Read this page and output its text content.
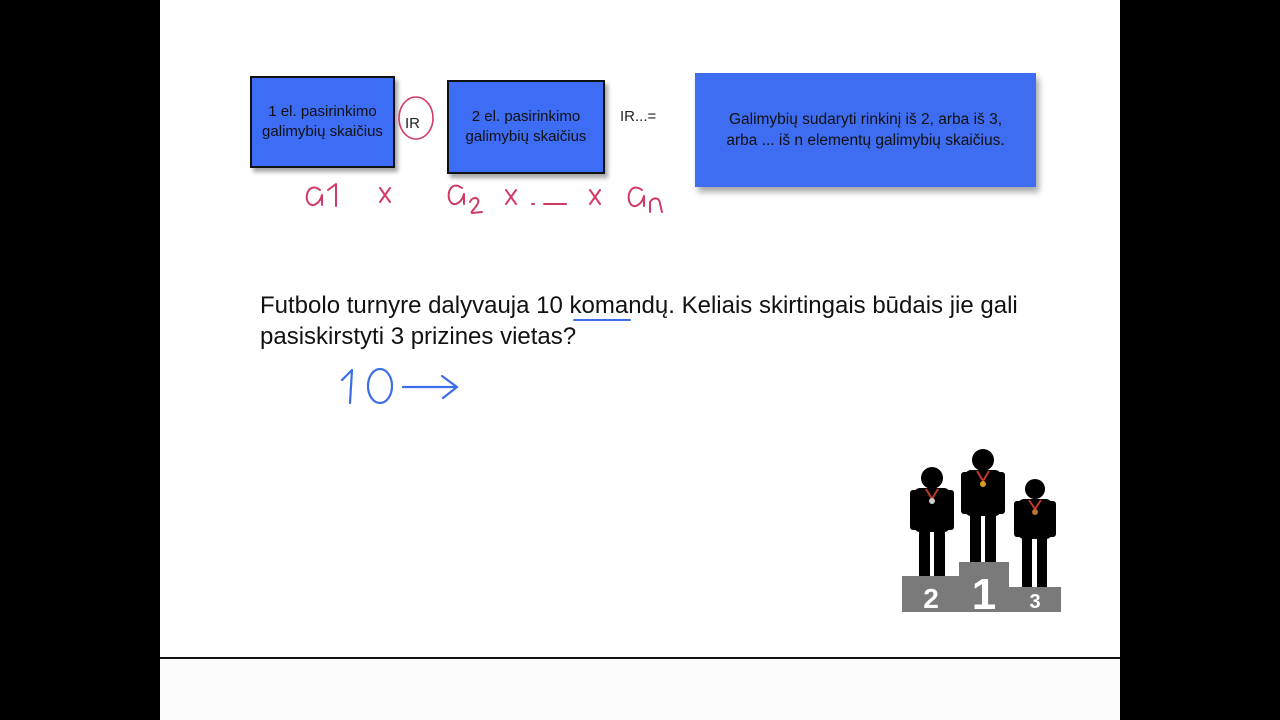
1 el. pasirinkimo galimybių skaičius IR	2 el. pasirinkimo galimybių skaičius
IR...=	Galimybių sudaryti rinkinį iš 2, arba iš 3, arba ... iš n elementų galimybių skaičius.
Futbolo turnyre dalyvauja 10 komandų. Keliais skirtingais būdais jie gali pasiskirstyti 3 prizines vietas?
2 1 3
